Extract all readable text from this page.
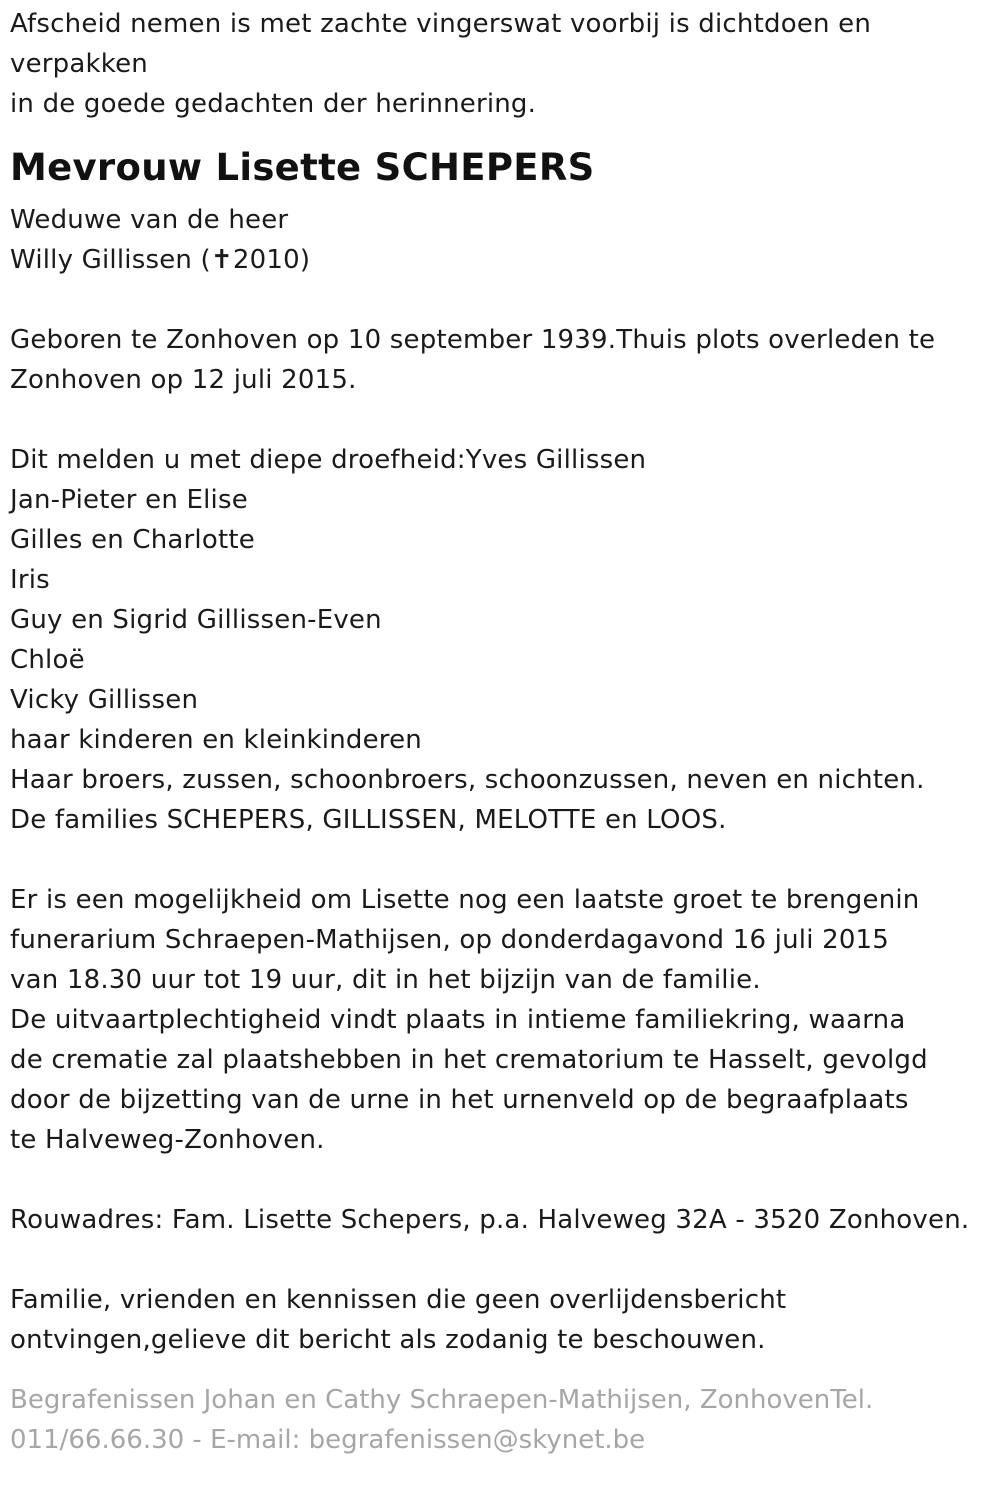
Afscheid nemen is met zachte vingerswat voorbij is dichtdoen en verpakken
in de goede gedachten der herinnering.
Mevrouw Lisette SCHEPERS
Weduwe van de heer
Willy Gillissen (✝2010)
Geboren te Zonhoven op 10 september 1939.Thuis plots overleden te Zonhoven op 12 juli 2015.
Dit melden u met diepe droefheid:Yves Gillissen
Jan-Pieter en Elise
Gilles en Charlotte
Iris
Guy en Sigrid Gillissen-Even
Chloë
Vicky Gillissen
haar kinderen en kleinkinderen
Haar broers, zussen, schoonbroers, schoonzussen, neven en nichten.
De families SCHEPERS, GILLISSEN, MELOTTE en LOOS.
Er is een mogelijkheid om Lisette nog een laatste groet te brengenin
funerarium Schraepen-Mathijsen, op donderdagavond 16 juli 2015
van 18.30 uur tot 19 uur, dit in het bijzijn van de familie.
De uitvaartplechtigheid vindt plaats in intieme familiekring, waarna
de crematie zal plaatshebben in het crematorium te Hasselt, gevolgd
door de bijzetting van de urne in het urnenveld op de begraafplaats
te Halveweg-Zonhoven.
Rouwadres: Fam. Lisette Schepers, p.a. Halveweg 32A - 3520 Zonhoven.
Familie, vrienden en kennissen die geen overlijdensbericht
ontvingen,gelieve dit bericht als zodanig te beschouwen.
Begrafenissen Johan en Cathy Schraepen-Mathijsen, ZonhovenTel. 011/66.66.30 - E-mail: begrafenissen@skynet.be
